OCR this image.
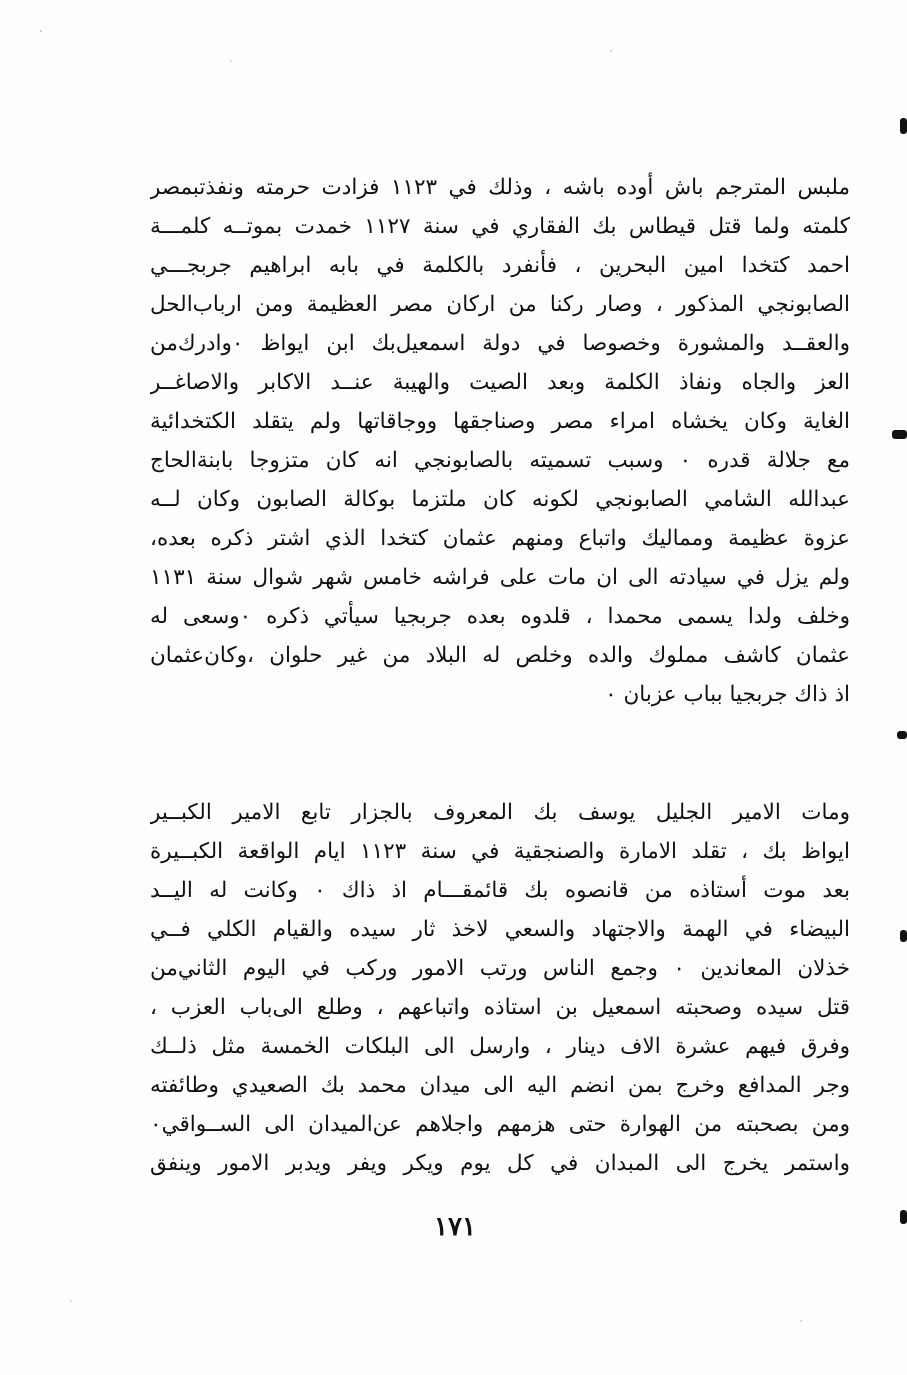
ملبس المترجم باش أوده باشه ، وذلك في ١١٢٣ فزادت حرمته ونفذتبمصر
كلمته ولما قتل قيطاس بك الفقاري في سنة ١١٢٧ خمدت بموتــه كلمـــة
احمد كتخدا امين البحرين ، فأنفرد بالكلمة في بابه ابراهيم جربجـــي
الصابونجي المذكور ، وصار ركنا من اركان مصر العظيمة ومن ارباب‌الحل
والعقــد والمشورة وخصوصا في دولة اسمعيل‌بك ابن ايواظ ٠وادرك‌من
العز والجاه ونفاذ الكلمة وبعد الصيت والهيبة عنــد الاكابر والاصاغــر
الغاية وكان يخشاه امراء مصر وصناجقها ووجاقاتها ولم يتقلد الكتخدائية
مع جلالة قدره ٠ وسبب تسميته بالصابونجي انه كان متزوجا بابنة‌الحاج
عبدالله الشامي الصابونجي لكونه كان ملتزما بوكالة الصابون وكان لــه
عزوة عظيمة ومماليك واتباع ومنهم عثمان كتخدا الذي اشتر ذكره بعده،
ولم يزل في سيادته الى ان مات على فراشه خامس شهر شوال سنة ١١٣١
وخلف ولدا يسمى محمدا ، قلدوه بعده جربجيا سيأتي ذكره ٠وسعى له
عثمان كاشف مملوك والده وخلص له البلاد من غير حلوان ،وكان‌عثمان
اذ ذاك جربجيا بباب عزبان ٠
ومات الامير الجليل يوسف بك المعروف بالجزار تابع الامير الكبــير
ايواظ بك ، تقلد الامارة والصنجقية في سنة ١١٢٣ ايام الواقعة الكبــيرة
بعد موت أستاذه من قانصوه بك قائمقـــام اذ ذاك ٠ وكانت له اليــد
البيضاء في الهمة والاجتهاد والسعي لاخذ ثار سيده والقيام الكلي فــي
خذلان المعاندين ٠ وجمع الناس ورتب الامور وركب في اليوم الثاني‌من
قتل سيده وصحبته اسمعيل بن استاذه واتباعهم ، وطلع الى‌باب العزب ،
وفرق فيهم عشرة الاف دينار ، وارسل الى البلكات الخمسة مثل ذلــك
وجر المدافع وخرج بمن انضم اليه الى ميدان محمد بك الصعيدي وطائفته
ومن بصحبته من الهوارة حتى هزمهم واجلاهم عن‌الميدان الى الســواقي٠
واستمر يخرج الى المبدان في كل يوم ويكر ويفر ويدبر الامور وينفق
١٧١
